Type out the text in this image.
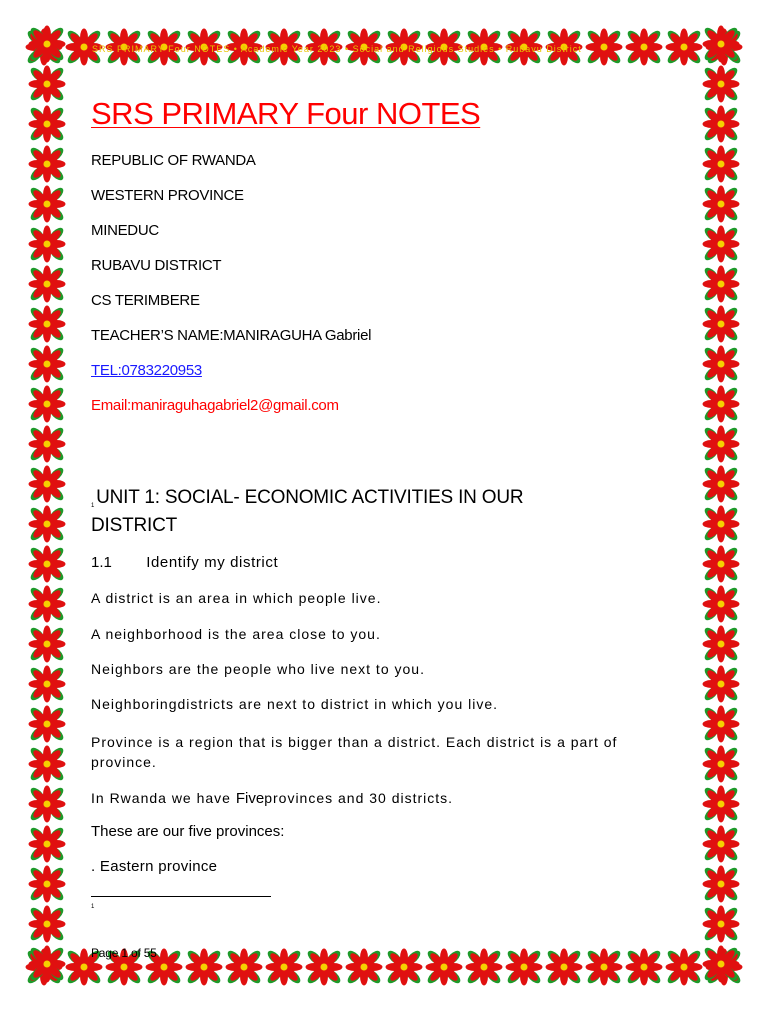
SRS PRIMARY Four NOTES • Academic Year 2023 • Social and Religious Studies • Rubavu District
SRS PRIMARY Four NOTES
REPUBLIC OF RWANDA
WESTERN PROVINCE
MINEDUC
RUBAVU DISTRICT
CS TERIMBERE
TEACHER’S NAME:MANIRAGUHA Gabriel
TEL:0783220953
Email:maniraguhagabriel2@gmail.com
$^1$ UNIT 1: SOCIAL- ECONOMIC ACTIVITIES IN OUR DISTRICT
1.1 Identify my district
A district is an area in which people live.
A neighborhood is the area close to you.
Neighbors are the people who live next to you.
Neighboringdistricts are next to district in which you live.
Province is a region that is bigger than a district. Each district is a part of province.
In Rwanda we have Fiveprovinces and 30 districts.
These are our five provinces:
. Eastern province
1
Page 1 of 55
